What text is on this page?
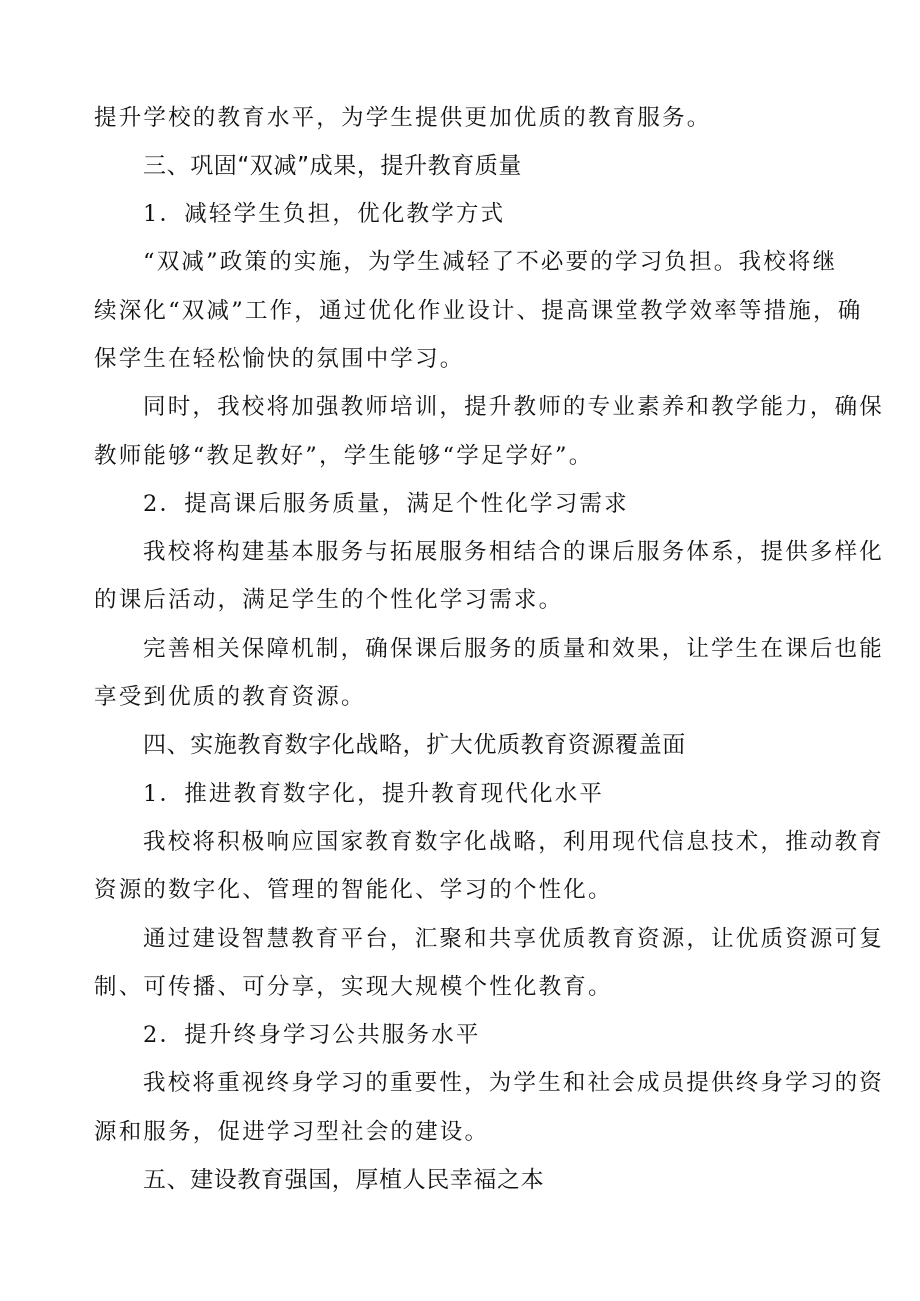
提升学校的教育水平，为学生提供更加优质的教育服务。
三、巩固“双减”成果，提升教育质量
1．减轻学生负担，优化教学方式
“双减”政策的实施，为学生减轻了不必要的学习负担。我校将继
续深化“双减”工作，通过优化作业设计、提高课堂教学效率等措施，确
保学生在轻松愉快的氛围中学习。
同时，我校将加强教师培训，提升教师的专业素养和教学能力，确保
教师能够“教足教好”，学生能够“学足学好”。
2．提高课后服务质量，满足个性化学习需求
我校将构建基本服务与拓展服务相结合的课后服务体系，提供多样化
的课后活动，满足学生的个性化学习需求。
完善相关保障机制，确保课后服务的质量和效果，让学生在课后也能
享受到优质的教育资源。
四、实施教育数字化战略，扩大优质教育资源覆盖面
1．推进教育数字化，提升教育现代化水平
我校将积极响应国家教育数字化战略，利用现代信息技术，推动教育
资源的数字化、管理的智能化、学习的个性化。
通过建设智慧教育平台，汇聚和共享优质教育资源，让优质资源可复
制、可传播、可分享，实现大规模个性化教育。
2．提升终身学习公共服务水平
我校将重视终身学习的重要性，为学生和社会成员提供终身学习的资
源和服务，促进学习型社会的建设。
五、建设教育强国，厚植人民幸福之本
